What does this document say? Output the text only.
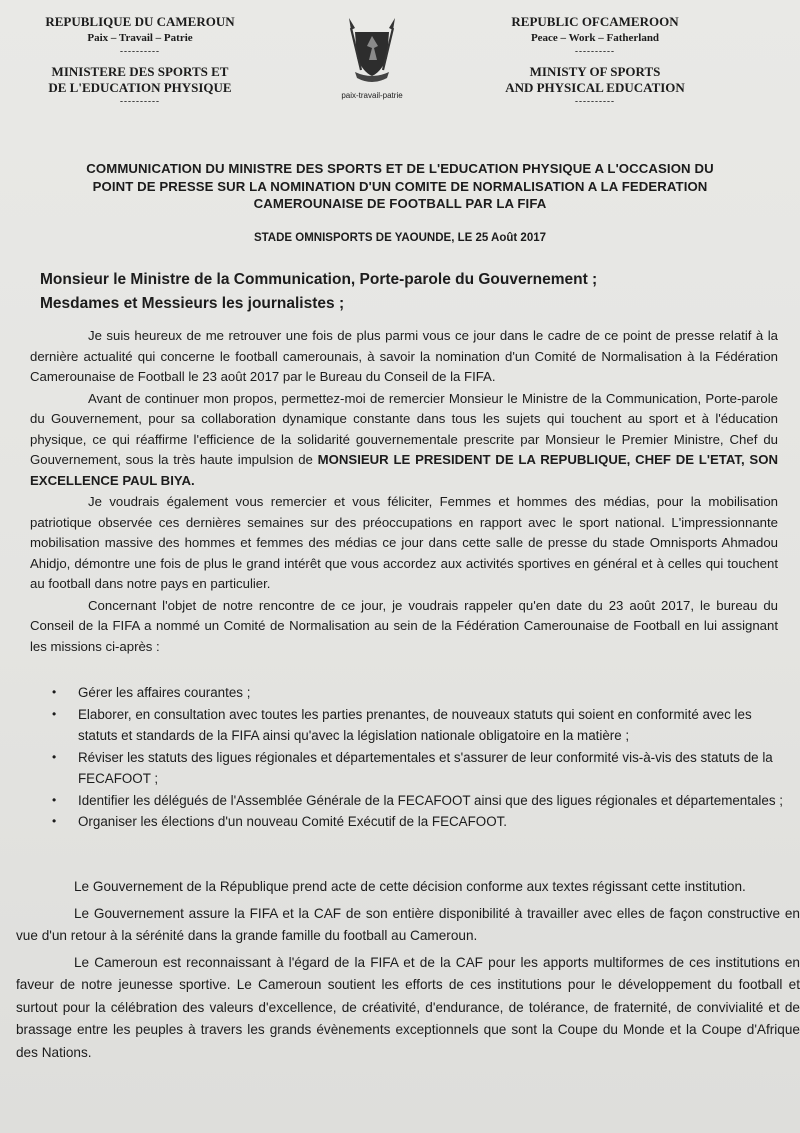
REPUBLIQUE DU CAMEROUN
Paix – Travail – Patrie
----------
MINISTERE DES SPORTS ET
DE L'EDUCATION PHYSIQUE
----------
paix-travail-patrie
REPUBLIC OFCAMEROON
Peace – Work – Fatherland
----------
MINISTY OF SPORTS
AND PHYSICAL EDUCATION
----------
COMMUNICATION DU MINISTRE DES SPORTS ET DE L'EDUCATION PHYSIQUE A L'OCCASION DU
POINT DE PRESSE SUR LA NOMINATION D'UN COMITE DE NORMALISATION A LA FEDERATION
CAMEROUNAISE DE FOOTBALL PAR LA FIFA
STADE OMNISPORTS DE YAOUNDE, LE 25 Août 2017
Monsieur le Ministre de la Communication, Porte-parole du Gouvernement ;
Mesdames et Messieurs les journalistes ;

Je suis heureux de me retrouver une fois de plus parmi vous ce jour dans le cadre de ce point de presse relatif à la dernière actualité qui concerne le football camerounais, à savoir la nomination d'un Comité de Normalisation à la Fédération Camerounaise de Football le 23 août 2017 par le Bureau du Conseil de la FIFA.

Avant de continuer mon propos, permettez-moi de remercier Monsieur le Ministre de la Communication, Porte-parole du Gouvernement, pour sa collaboration dynamique constante dans tous les sujets qui touchent au sport et à l'éducation physique, ce qui réaffirme l'efficience de la solidarité gouvernementale prescrite par Monsieur le Premier Ministre, Chef du Gouvernement, sous la très haute impulsion de MONSIEUR LE PRESIDENT DE LA REPUBLIQUE, CHEF DE L'ETAT, SON EXCELLENCE PAUL BIYA.

Je voudrais également vous remercier et vous féliciter, Femmes et hommes des médias, pour la mobilisation patriotique observée ces dernières semaines sur des préoccupations en rapport avec le sport national. L'impressionnante mobilisation massive des hommes et femmes des médias ce jour dans cette salle de presse du stade Omnisports Ahmadou Ahidjo, démontre une fois de plus le grand intérêt que vous accordez aux activités sportives en général et à celles qui touchent au football dans notre pays en particulier.

Concernant l'objet de notre rencontre de ce jour, je voudrais rappeler qu'en date du 23 août 2017, le bureau du Conseil de la FIFA a nommé un Comité de Normalisation au sein de la Fédération Camerounaise de Football en lui assignant les missions ci-après :

• Gérer les affaires courantes ;
• Elaborer, en consultation avec toutes les parties prenantes, de nouveaux statuts qui soient en conformité avec les statuts et standards de la FIFA ainsi qu'avec la législation nationale obligatoire en la matière ;
• Réviser les statuts des ligues régionales et départementales et s'assurer de leur conformité vis-à-vis des statuts de la FECAFOOT ;
• Identifier les délégués de l'Assemblée Générale de la FECAFOOT ainsi que des ligues régionales et départementales ;
• Organiser les élections d'un nouveau Comité Exécutif de la FECAFOOT.

Le Gouvernement de la République prend acte de cette décision conforme aux textes régissant cette institution.

Le Gouvernement assure la FIFA et la CAF de son entière disponibilité à travailler avec elles de façon constructive en vue d'un retour à la sérénité dans la grande famille du football au Cameroun.

Le Cameroun est reconnaissant à l'égard de la FIFA et de la CAF pour les apports multiformes de ces institutions en faveur de notre jeunesse sportive. Le Cameroun soutient les efforts de ces institutions pour le développement du football et surtout pour la célébration des valeurs d'excellence, de créativité, d'endurance, de tolérance, de fraternité, de convivialité et de brassage entre les peuples à travers les grands évènements exceptionnels que sont la Coupe du Monde et la Coupe d'Afrique des Nations.
